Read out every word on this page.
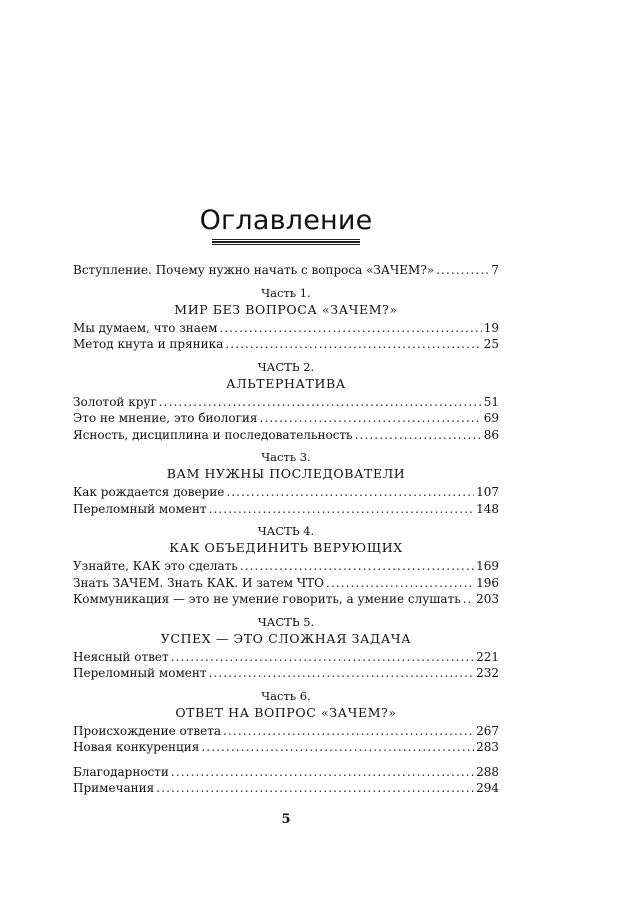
Оглавление
Вступление. Почему нужно начать с вопроса «ЗАЧЕМ?» .....	7
Часть 1.
МИР БЕЗ ВОПРОСА «ЗАЧЕМ?»
Мы думаем, что знаем .....	19
Метод кнута и пряника .....	25
ЧАСТЬ 2.
АЛЬТЕРНАТИВА
Золотой круг .....	51
Это не мнение, это биология .....	69
Ясность, дисциплина и последовательность .....	86
Часть 3.
ВАМ НУЖНЫ ПОСЛЕДОВАТЕЛИ
Как рождается доверие .....	107
Переломный момент .....	148
ЧАСТЬ 4.
КАК ОБЪЕДИНИТЬ ВЕРУЮЩИХ
Узнайте, КАК это сделать .....	169
Знать ЗАЧЕМ. Знать КАК. И затем ЧТО .....	196
Коммуникация — это не умение говорить, а умение слушать ..... 203
ЧАСТЬ 5.
УСПЕХ — ЭТО СЛОЖНАЯ ЗАДАЧА
Неясный ответ .....	221
Переломный момент .....	232
Часть 6.
ОТВЕТ НА ВОПРОС «ЗАЧЕМ?»
Происхождение ответа .....	267
Новая конкуренция .....	283
Благодарности .....	288
Примечания .....	294
5
